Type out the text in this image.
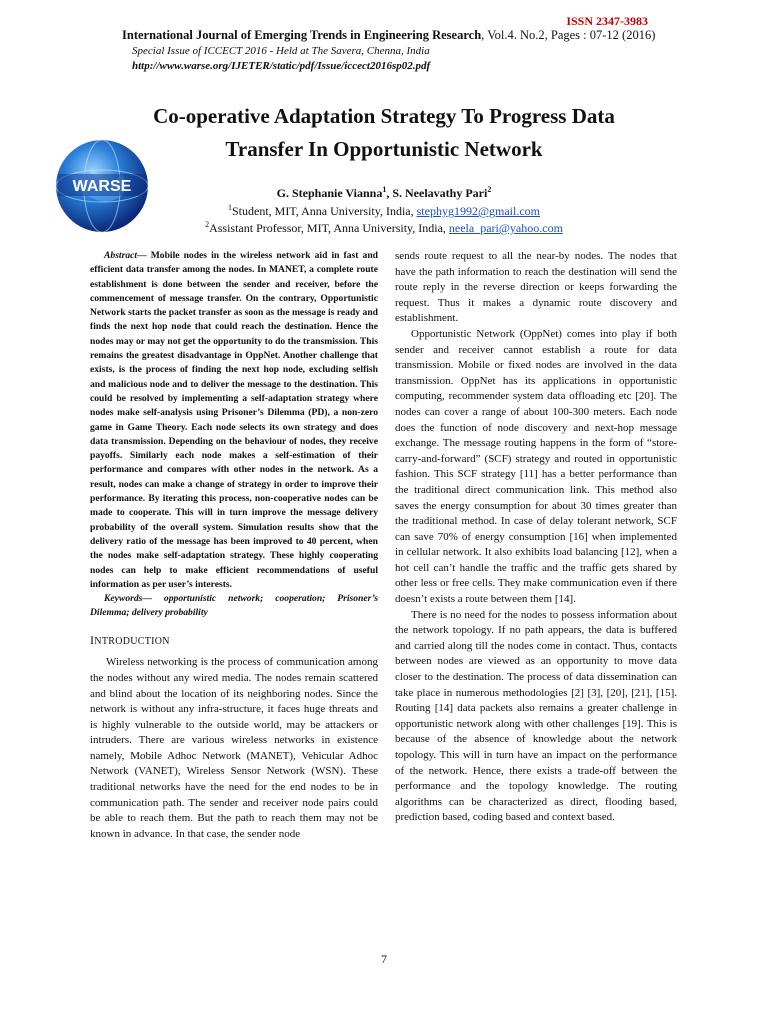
ISSN 2347-3983
International Journal of Emerging Trends in Engineering Research, Vol.4. No.2, Pages : 07-12 (2016)
Special Issue of ICCECT 2016 - Held at The Savera, Chenna, India
http://www.warse.org/IJETER/static/pdf/Issue/iccect2016sp02.pdf
Co-operative Adaptation Strategy To Progress Data
Transfer In Opportunistic Network
WARSE	G. Stephanie Vianna$^1$, S. Neelavathy Pari$^2$
$^1$Student, MIT, Anna University, India, stephyg1992@gmail.com
$^2$Assistant Professor, MIT, Anna University, India, neela_pari@yahoo.com

Abstract— Mobile nodes in the wireless network aid in fast and efficient data transfer among the nodes. In MANET, a complete route establishment is done between the sender and receiver, before the commencement of message transfer. On the contrary, Opportunistic Network starts the packet transfer as soon as the message is ready and finds the next hop node that could reach the destination. Hence the nodes may or may not get the opportunity to do the transmission. This remains the greatest disadvantage in OppNet. Another challenge that exists, is the process of finding the next hop node, excluding selfish and malicious node and to deliver the message to the destination. This could be resolved by implementing a self-adaptation strategy where nodes make self-analysis using Prisoner’s Dilemma (PD), a non-zero game in Game Theory. Each node selects its own strategy and does data transmission. Depending on the behaviour of nodes, they receive payoffs. Similarly each node makes a self-estimation of their performance and compares with other nodes in the network. As a result, nodes can make a change of strategy in order to improve their performance. By iterating this process, non-cooperative nodes can be made to cooperate. This will in turn improve the message delivery probability of the overall system. Simulation results show that the delivery ratio of the message has been improved to 40 percent, when the nodes make self-adaptation strategy. These highly cooperating nodes can help to make efficient recommendations of useful information as per user’s interests.

Keywords— opportunistic network; cooperation; Prisoner’s Dilemma; delivery probability

INTRODUCTION

Wireless networking is the process of communication among the nodes without any wired media. The nodes remain scattered and blind about the location of its neighboring nodes. Since the network is without any infra-structure, it faces huge threats and is highly vulnerable to the outside world, may be attackers or intruders. There are various wireless networks in existence namely, Mobile Adhoc Network (MANET), Vehicular Adhoc Network (VANET), Wireless Sensor Network (WSN). These traditional networks have the need for the end nodes to be in communication path. The sender and receiver node pairs could be able to reach them. But the path to reach them may not be known in advance. In that case, the sender node

sends route request to all the near-by nodes. The nodes that have the path information to reach the destination will send the route reply in the reverse direction or keeps forwarding the request. Thus it makes a dynamic route discovery and establishment.

Opportunistic Network (OppNet) comes into play if both sender and receiver cannot establish a route for data transmission. Mobile or fixed nodes are involved in the data transmission. OppNet has its applications in opportunistic computing, recommender system data offloading etc [20]. The nodes can cover a range of about 100-300 meters. Each node does the function of node discovery and next-hop message exchange. The message routing happens in the form of “store-carry-and-forward” (SCF) strategy and routed in opportunistic fashion. This SCF strategy [11] has a better performance than the traditional direct communication link. This method also saves the energy consumption for about 30 times greater than the traditional method. In case of delay tolerant network, SCF can save 70% of energy consumption [16] when implemented in cellular network. It also exhibits load balancing [12], when a hot cell can’t handle the traffic and the traffic gets shared by other less or free cells. They make communication even if there doesn’t exists a route between them [14].

There is no need for the nodes to possess information about the network topology. If no path appears, the data is buffered and carried along till the nodes come in contact. Thus, contacts between nodes are viewed as an opportunity to move data closer to the destination. The process of data dissemination can take place in numerous methodologies [2] [3], [20], [21], [15]. Routing [14] data packets also remains a greater challenge in opportunistic network along with other challenges [19]. This is because of the absence of knowledge about the network topology. This will in turn have an impact on the performance of the network. Hence, there exists a trade-off between the performance and the topology knowledge. The routing algorithms can be characterized as direct, flooding based, prediction based, coding based and context based.

7
